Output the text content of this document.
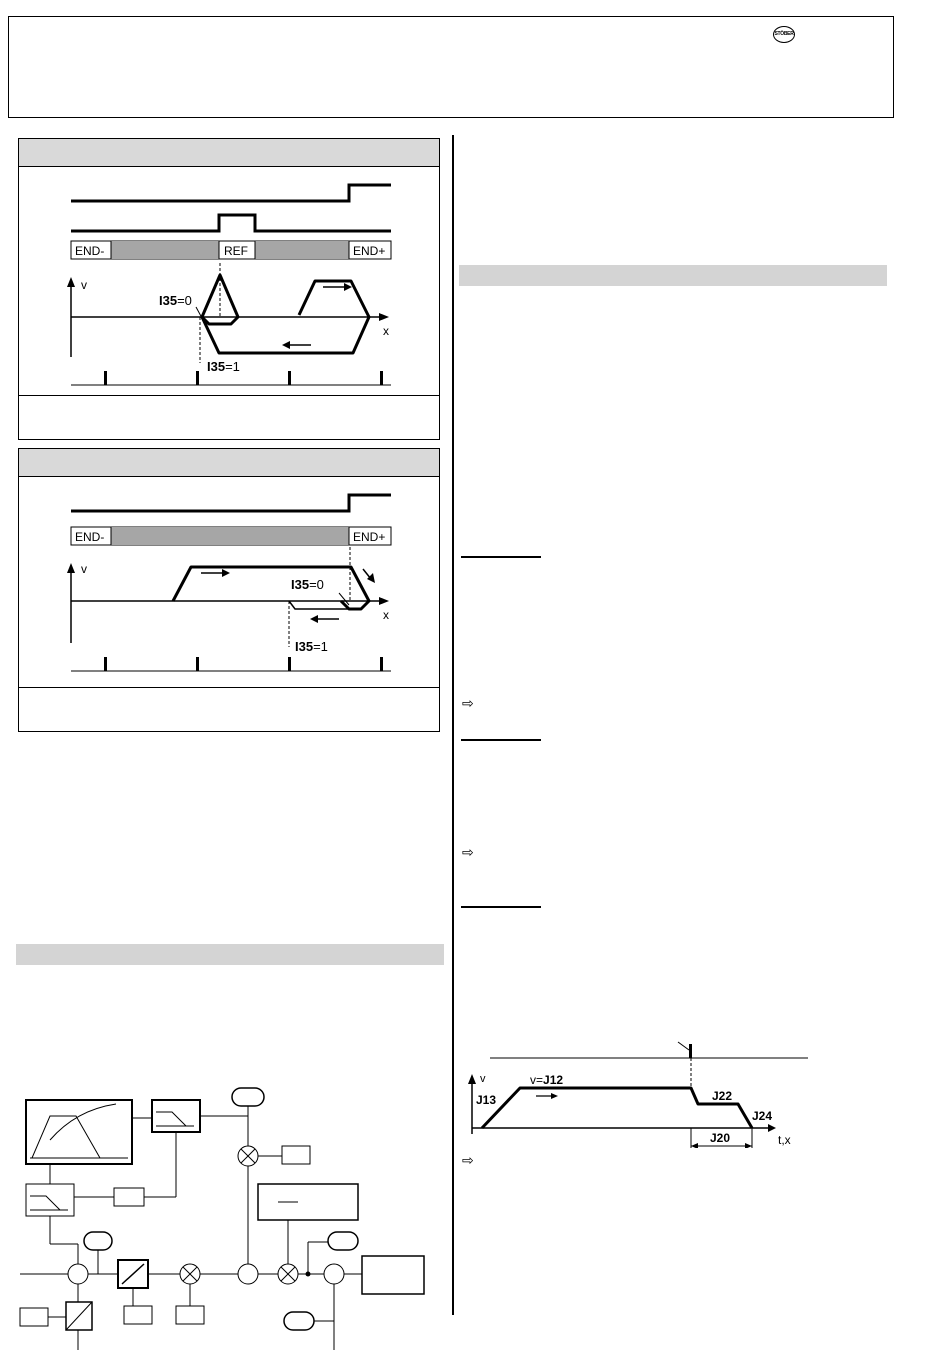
STÖBER
END-	REF	END+
v
x
I35=0
I35=1
END-	END+
v
x
I35=0
I35=1
⇨
⇨
⇨
v
t,x
v=J12
J13	J22
J24
J20
